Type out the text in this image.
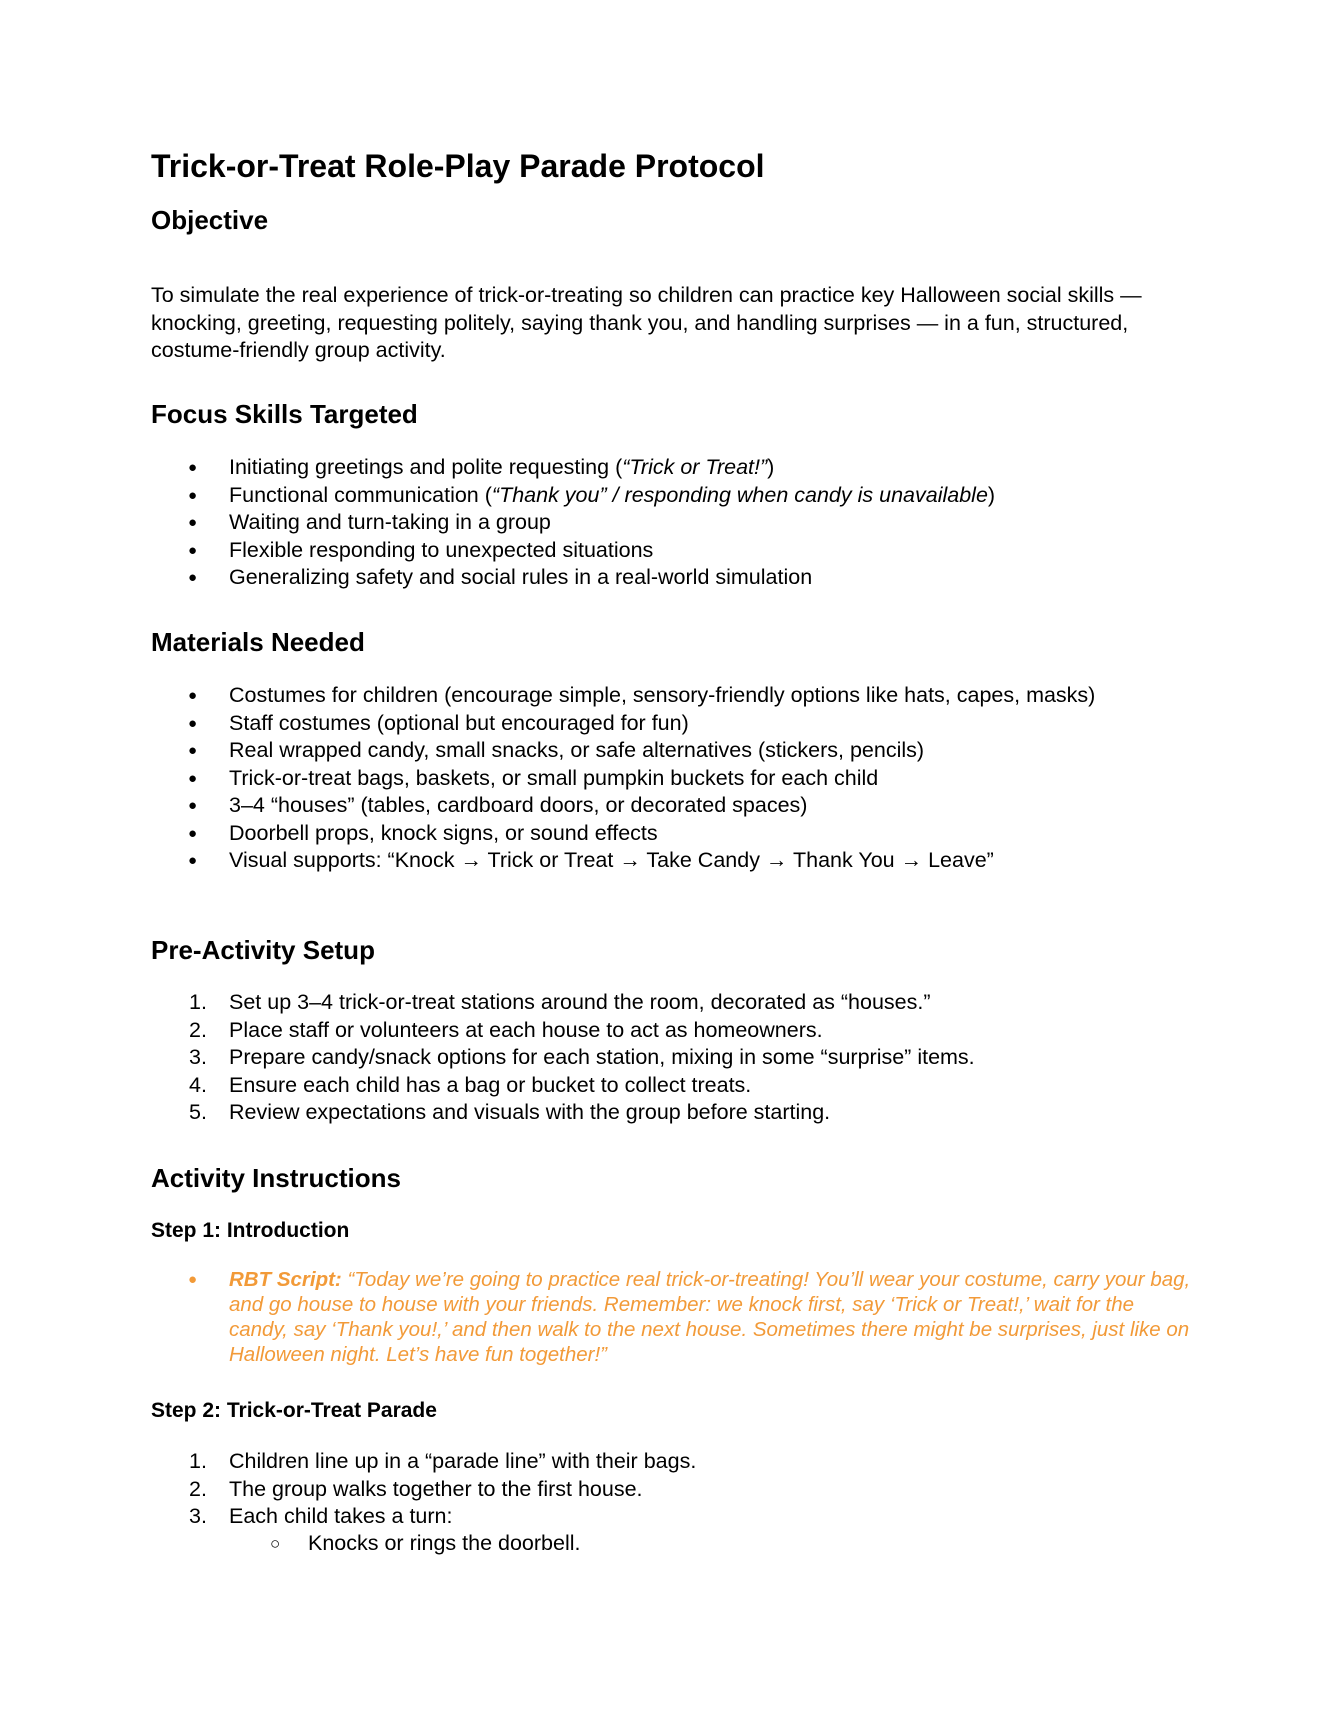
Trick-or-Treat Role-Play Parade Protocol
Objective

To simulate the real experience of trick-or-treating so children can practice key Halloween social skills — knocking, greeting, requesting politely, saying thank you, and handling surprises — in a fun, structured, costume-friendly group activity.

Focus Skills Targeted
● Initiating greetings and polite requesting (“Trick or Treat!”)
● Functional communication (“Thank you” / responding when candy is unavailable)
● Waiting and turn-taking in a group
● Flexible responding to unexpected situations
● Generalizing safety and social rules in a real-world simulation
Materials Needed
● Costumes for children (encourage simple, sensory-friendly options like hats, capes, masks)
● Staff costumes (optional but encouraged for fun)
● Real wrapped candy, small snacks, or safe alternatives (stickers, pencils)
● Trick-or-treat bags, baskets, or small pumpkin buckets for each child
● 3–4 “houses” (tables, cardboard doors, or decorated spaces)
● Doorbell props, knock signs, or sound effects
● Visual supports: “Knock → Trick or Treat → Take Candy → Thank You → Leave”
Pre-Activity Setup
1. Set up 3–4 trick-or-treat stations around the room, decorated as “houses.”
2. Place staff or volunteers at each house to act as homeowners.
3. Prepare candy/snack options for each station, mixing in some “surprise” items.
4. Ensure each child has a bag or bucket to collect treats.
5. Review expectations and visuals with the group before starting.
Activity Instructions
Step 1: Introduction
● RBT Script: “Today we’re going to practice real trick-or-treating! You’ll wear your costume, carry your bag, and go house to house with your friends. Remember: we knock first, say ‘Trick or Treat!,’ wait for the candy, say ‘Thank you!,’ and then walk to the next house. Sometimes there might be surprises, just like on Halloween night. Let’s have fun together!”
Step 2: Trick-or-Treat Parade
1. Children line up in a “parade line” with their bags.
2. The group walks together to the first house.
3. Each child takes a turn:
○ Knocks or rings the doorbell.
